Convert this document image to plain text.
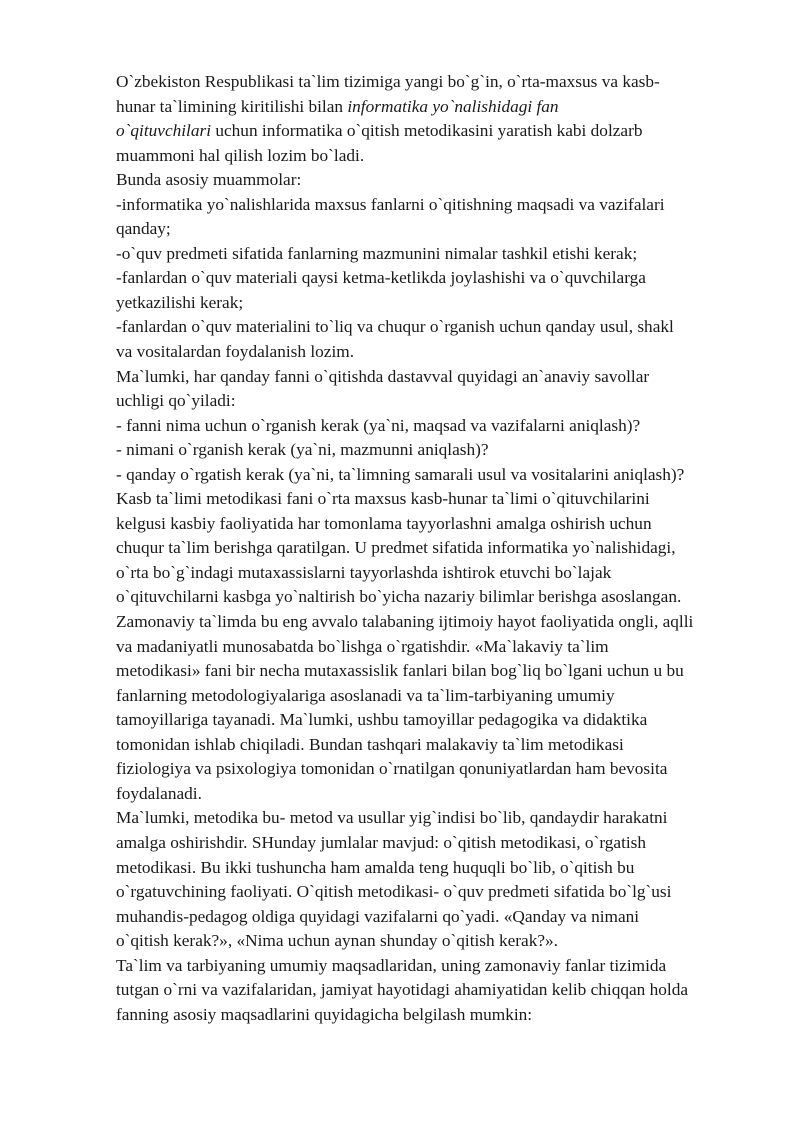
O`zbekiston Respublikasi ta`lim tizimiga yangi bo`g`in, o`rta-maxsus va kasb-
hunar ta`limining kiritilishi bilan informatika yo`nalishidagi fan
o`qituvchilari uchun informatika o`qitish metodikasini yaratish kabi dolzarb
muammoni hal qilish lozim bo`ladi.
Bunda asosiy muammolar:
-informatika yo`nalishlarida maxsus fanlarni o`qitishning maqsadi va vazifalari
qanday;
-o`quv predmeti sifatida fanlarning mazmunini nimalar tashkil etishi kerak;
-fanlardan o`quv materiali qaysi ketma-ketlikda joylashishi va o`quvchilarga
yetkazilishi kerak;
-fanlardan o`quv materialini to`liq va chuqur o`rganish uchun qanday usul, shakl
va vositalardan foydalanish lozim.
Ma`lumki, har qanday fanni o`qitishda dastavval quyidagi an`anaviy savollar
uchligi qo`yiladi:
- fanni nima uchun o`rganish kerak (ya`ni, maqsad va vazifalarni aniqlash)?
- nimani o`rganish kerak (ya`ni, mazmunni aniqlash)?
- qanday o`rgatish kerak (ya`ni, ta`limning samarali usul va vositalarini aniqlash)?
Kasb ta`limi metodikasi fani o`rta maxsus kasb-hunar ta`limi o`qituvchilarini
kelgusi kasbiy faoliyatida har tomonlama tayyorlashni amalga oshirish uchun
chuqur ta`lim berishga qaratilgan. U predmet sifatida informatika yo`nalishidagi,
o`rta bo`g`indagi mutaxassislarni tayyorlashda ishtirok etuvchi bo`lajak
o`qituvchilarni kasbga yo`naltirish bo`yicha nazariy bilimlar berishga asoslangan.
Zamonaviy ta`limda bu eng avvalo talabaning ijtimoiy hayot faoliyatida ongli, aqlli
va madaniyatli munosabatda bo`lishga o`rgatishdir. «Ma`lakaviy ta`lim
metodikasi» fani bir necha mutaxassislik fanlari bilan bog`liq bo`lgani uchun u bu
fanlarning metodologiyalariga asoslanadi va ta`lim-tarbiyaning umumiy
tamoyillariga tayanadi. Ma`lumki, ushbu tamoyillar pedagogika va didaktika
tomonidan ishlab chiqiladi. Bundan tashqari malakaviy ta`lim metodikasi
fiziologiya va psixologiya tomonidan o`rnatilgan qonuniyatlardan ham bevosita
foydalanadi.
Ma`lumki, metodika bu- metod va usullar yig`indisi bo`lib, qandaydir harakatni
amalga oshirishdir. SHunday jumlalar mavjud: o`qitish metodikasi, o`rgatish
metodikasi. Bu ikki tushuncha ham amalda teng huquqli bo`lib, o`qitish bu
o`rgatuvchining faoliyati. O`qitish metodikasi- o`quv predmeti sifatida bo`lg`usi
muhandis-pedagog oldiga quyidagi vazifalarni qo`yadi. «Qanday va nimani
o`qitish kerak?», «Nima uchun aynan shunday o`qitish kerak?».
Ta`lim va tarbiyaning umumiy maqsadlaridan, uning zamonaviy fanlar tizimida
tutgan o`rni va vazifalaridan, jamiyat hayotidagi ahamiyatidan kelib chiqqan holda
fanning asosiy maqsadlarini quyidagicha belgilash mumkin:
